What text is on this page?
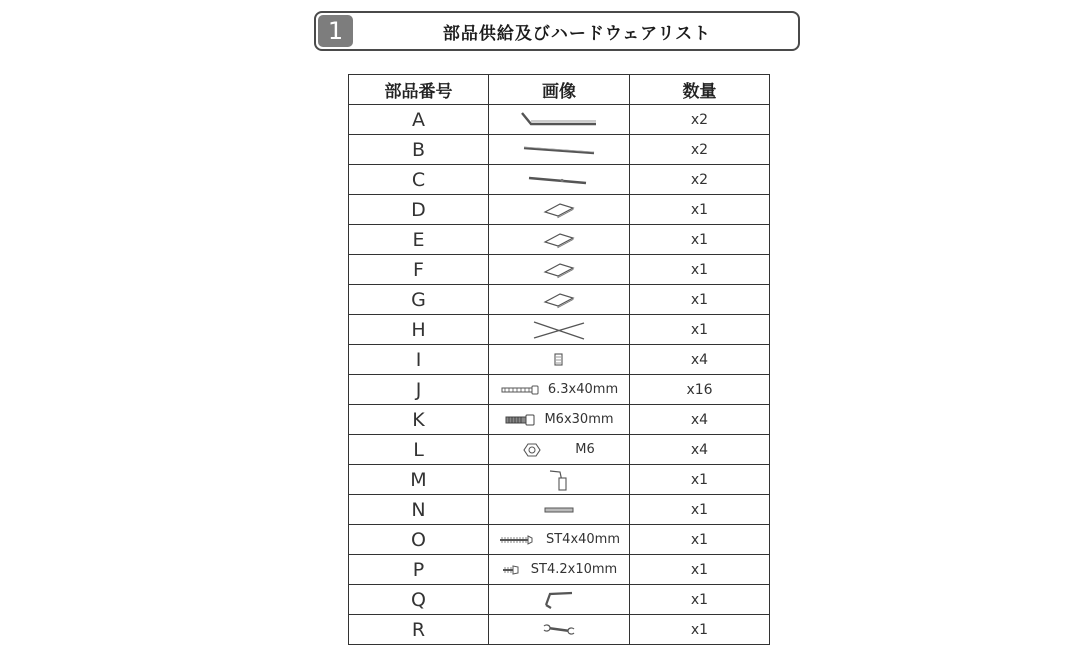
1	部品供給及びハードウェアリスト
部品番号	画像	数量
A		x2
B		x2
C		x2
D		x1
E		x1
F		x1
G		x1
H		x1
I		x4
J	6.3x40mm	x16
K	M6x30mm	x4
L	M6	x4
M		x1
N		x1
O	ST4x40mm	x1
P	ST4.2x10mm	x1
Q		x1
R		x1
